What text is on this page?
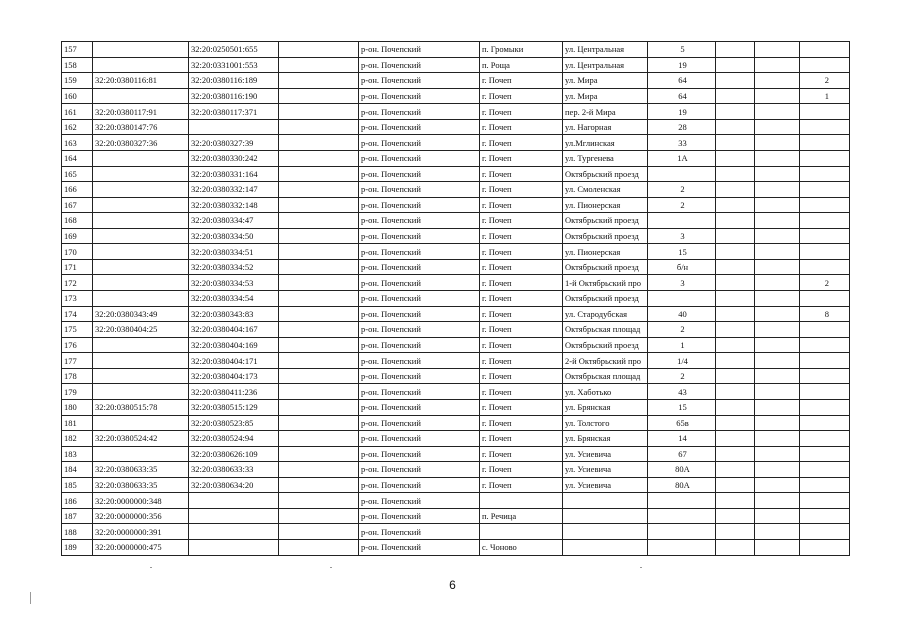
157		32:20:0250501:655		р-он. Почепский	п. Громыки	ул. Центральная	5			
158		32:20:0331001:553		р-он. Почепский	п. Роща	ул. Центральная	19			
159	32:20:0380116:81	32:20:0380116:189		р-он. Почепский	г. Почеп	ул. Мира	64			2
160		32:20:0380116:190		р-он. Почепский	г. Почеп	ул. Мира	64			1
161	32:20:0380117:91	32:20:0380117:371		р-он. Почепский	г. Почеп	пер. 2-й Мира	19			
162	32:20:0380147:76			р-он. Почепский	г. Почеп	ул. Нагорная	28			
163	32:20:0380327:36	32:20:0380327:39		р-он. Почепский	г. Почеп	ул.Мглинская	33			
164		32:20:0380330:242		р-он. Почепский	г. Почеп	ул. Тургенева	1А			
165		32:20:0380331:164		р-он. Почепский	г. Почеп	Октябрьский проезд				
166		32:20:0380332:147		р-он. Почепский	г. Почеп	ул. Смоленская	2			
167		32:20:0380332:148		р-он. Почепский	г. Почеп	ул. Пионерская	2			
168		32:20:0380334:47		р-он. Почепский	г. Почеп	Октябрьский проезд				
169		32:20:0380334:50		р-он. Почепский	г. Почеп	Октябрьский проезд	3			
170		32:20:0380334:51		р-он. Почепский	г. Почеп	ул. Пионерская	15			
171		32:20:0380334:52		р-он. Почепский	г. Почеп	Октябрьский проезд	б/н			
172		32:20:0380334:53		р-он. Почепский	г. Почеп	1-й Октябрьский про	3			2
173		32:20:0380334:54		р-он. Почепский	г. Почеп	Октябрьский проезд				
174	32:20:0380343:49	32:20:0380343:83		р-он. Почепский	г. Почеп	ул. Стародубская	40			8
175	32:20:0380404:25	32:20:0380404:167		р-он. Почепский	г. Почеп	Октябрьская площад	2			
176		32:20:0380404:169		р-он. Почепский	г. Почеп	Октябрьский проезд	1			
177		32:20:0380404:171		р-он. Почепский	г. Почеп	2-й Октябрьский про	1/4			
178		32:20:0380404:173		р-он. Почепский	г. Почеп	Октябрьская площад	2			
179		32:20:0380411:236		р-он. Почепский	г. Почеп	ул. Хаботько	43			
180	32:20:0380515:78	32:20:0380515:129		р-он. Почепский	г. Почеп	ул. Брянская	15			
181		32:20:0380523:85		р-он. Почепский	г. Почеп	ул. Толстого	65в			
182	32:20:0380524:42	32:20:0380524:94		р-он. Почепский	г. Почеп	ул. Брянская	14			
183		32:20:0380626:109		р-он. Почепский	г. Почеп	ул. Усиевича	67			
184	32:20:0380633:35	32:20:0380633:33		р-он. Почепский	г. Почеп	ул. Усиевича	80А			
185	32:20:0380633:35	32:20:0380634:20		р-он. Почепский	г. Почеп	ул. Усиевича	80А			
186	32:20:0000000:348			р-он. Почепский						
187	32:20:0000000:356			р-он. Почепский	п. Речица					
188	32:20:0000000:391			р-он. Почепский						
189	32:20:0000000:475			р-он. Почепский	с. Чоново					
6
